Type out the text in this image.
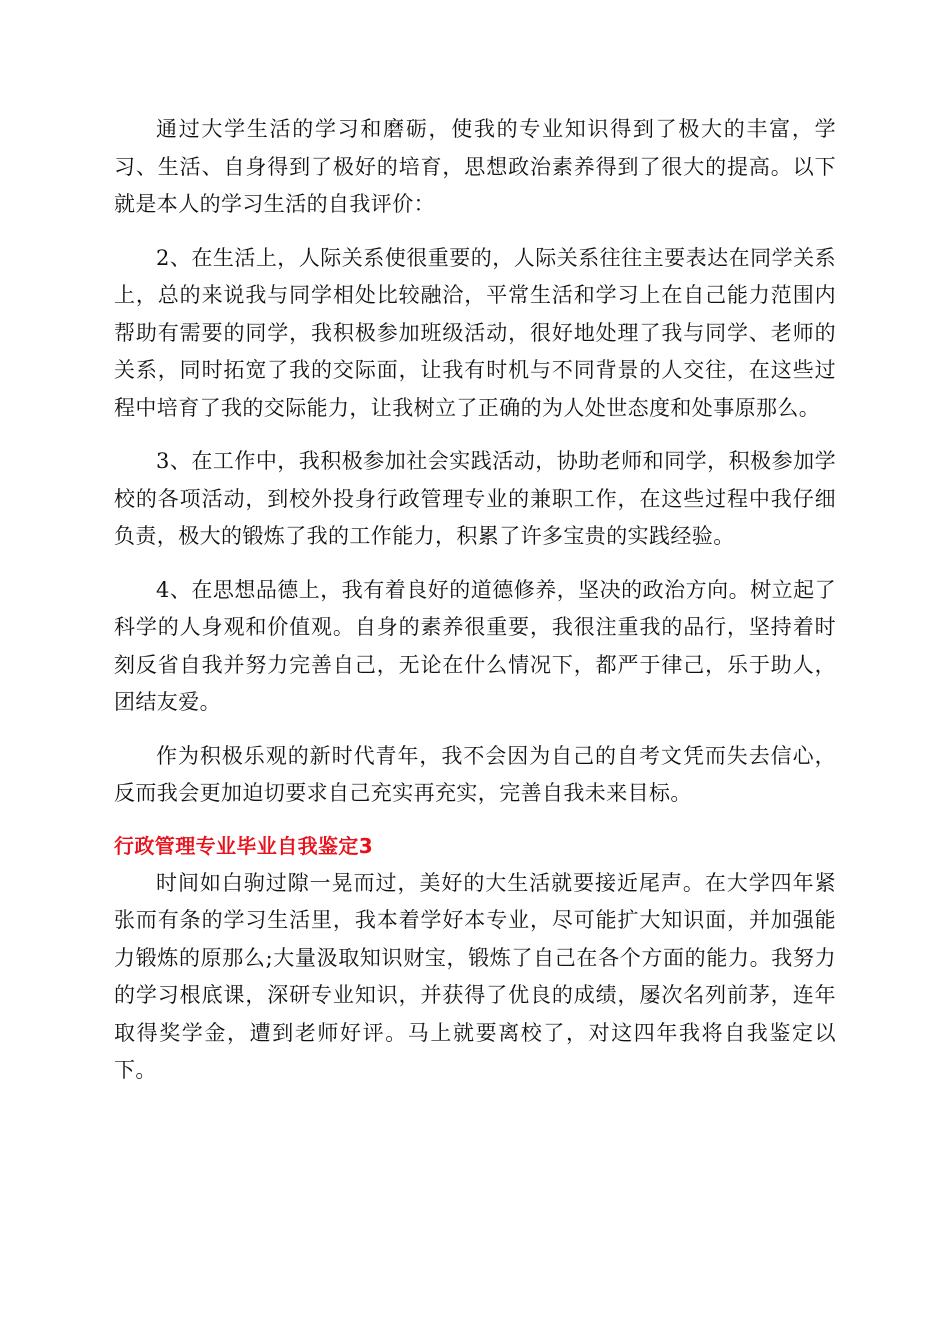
通过大学生活的学习和磨砺，使我的专业知识得到了极大的丰富，学习、生活、自身得到了极好的培育，思想政治素养得到了很大的提高。以下就是本人的学习生活的自我评价：

2、在生活上，人际关系使很重要的，人际关系往往主要表达在同学关系上，总的来说我与同学相处比较融洽，平常生活和学习上在自己能力范围内帮助有需要的同学，我积极参加班级活动，很好地处理了我与同学、老师的关系，同时拓宽了我的交际面，让我有时机与不同背景的人交往，在这些过程中培育了我的交际能力，让我树立了正确的为人处世态度和处事原那么。

3、在工作中，我积极参加社会实践活动，协助老师和同学，积极参加学校的各项活动，到校外投身行政管理专业的兼职工作，在这些过程中我仔细负责，极大的锻炼了我的工作能力，积累了许多宝贵的实践经验。

4、在思想品德上，我有着良好的道德修养，坚决的政治方向。树立起了科学的人身观和价值观。自身的素养很重要，我很注重我的品行，坚持着时刻反省自我并努力完善自己，无论在什么情况下，都严于律己，乐于助人，团结友爱。

作为积极乐观的新时代青年，我不会因为自己的自考文凭而失去信心，反而我会更加迫切要求自己充实再充实，完善自我未来目标。

行政管理专业毕业自我鉴定3

时间如白驹过隙一晃而过，美好的大生活就要接近尾声。在大学四年紧张而有条的学习生活里，我本着学好本专业，尽可能扩大知识面，并加强能力锻炼的原那么;大量汲取知识财宝，锻炼了自己在各个方面的能力。我努力的学习根底课，深研专业知识，并获得了优良的成绩，屡次名列前茅，连年取得奖学金，遭到老师好评。马上就要离校了，对这四年我将自我鉴定以下。
